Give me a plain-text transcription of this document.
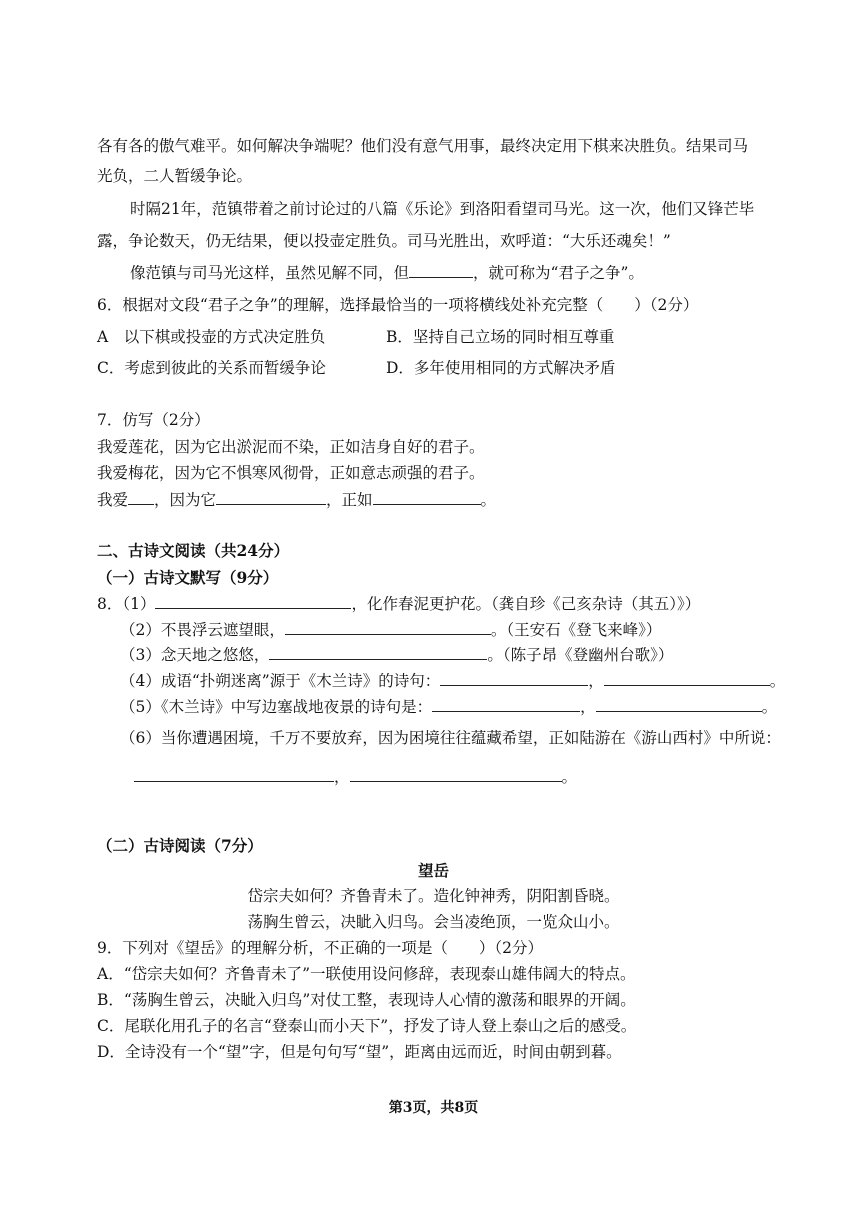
各有各的傲气难平。如何解决争端呢？他们没有意气用事，最终决定用下棋来决胜负。结果司马
光负，二人暂缓争论。
时隔21年，范镇带着之前讨论过的八篇《乐论》到洛阳看望司马光。这一次，他们又锋芒毕
露，争论数天，仍无结果，便以投壶定胜负。司马光胜出，欢呼道：“大乐还魂矣！”
像范镇与司马光这样，虽然见解不同，但	，就可称为“君子之争”。
6．根据对文段“君子之争”的理解，选择最恰当的一项将横线处补充完整（　　）（2分）
A　以下棋或投壶的方式决定胜负	B．坚持自己立场的同时相互尊重
C．考虑到彼此的关系而暂缓争论	D．多年使用相同的方式解决矛盾
7．仿写（2分）
我爱莲花，因为它出淤泥而不染，正如洁身自好的君子。
我爱梅花，因为它不惧寒风彻骨，正如意志顽强的君子。
我爱 ，因为它	，正如	。
二、古诗文阅读（共24分）
（一）古诗文默写（9分）
8．（1）	，化作春泥更护花。（龚自珍《己亥杂诗（其五）》）
（2）不畏浮云遮望眼，	。（王安石《登飞来峰》）
（3）念天地之悠悠，	。（陈子昂《登幽州台歌》）
（4）成语“扑朔迷离”源于《木兰诗》的诗句：	，	。
（5）《木兰诗》中写边塞战地夜景的诗句是：	，	。
（6）当你遭遇困境，千万不要放弃，因为困境往往蕴藏希望，正如陆游在《游山西村》中所说：
，	。
（二）古诗阅读（7分）
望岳
岱宗夫如何？齐鲁青未了。造化钟神秀，阴阳割昏晓。
荡胸生曾云，决眦入归鸟。会当凌绝顶，一览众山小。
9．下列对《望岳》的理解分析，不正确的一项是（　　）（2分）
A．“岱宗夫如何？齐鲁青未了”一联使用设问修辞，表现泰山雄伟阔大的特点。
B．“荡胸生曾云，决眦入归鸟”对仗工整，表现诗人心情的激荡和眼界的开阔。
C．尾联化用孔子的名言“登泰山而小天下”，抒发了诗人登上泰山之后的感受。
D．全诗没有一个“望”字，但是句句写“望”，距离由远而近，时间由朝到暮。
第3页，共8页
